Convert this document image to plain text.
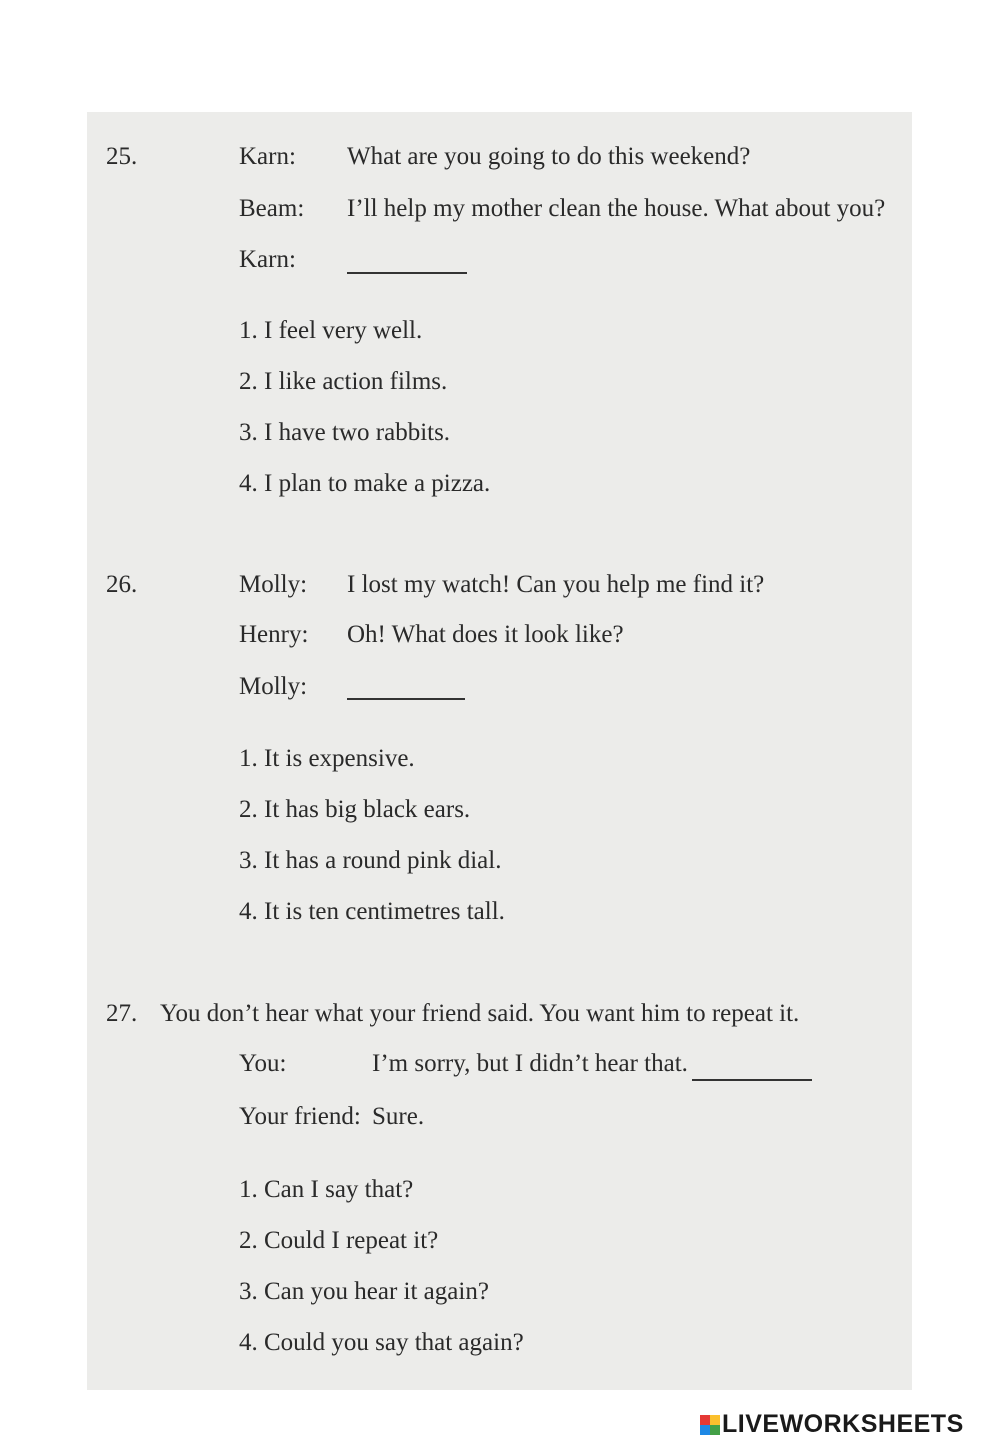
25.	Karn: What are you going to do this weekend?
Beam: I’ll help my mother clean the house. What about you?
Karn:
1. I feel very well.
2. I like action films.
3. I have two rabbits.
4. I plan to make a pizza.
26.	Molly: I lost my watch! Can you help me find it?
Henry: Oh! What does it look like?
Molly:
1. It is expensive.
2. It has big black ears.
3. It has a round pink dial.
4. It is ten centimetres tall.
27. You don’t hear what your friend said. You want him to repeat it.
You:	I’m sorry, but I didn’t hear that.
Your friend: Sure.
1. Can I say that?
2. Could I repeat it?
3. Can you hear it again?
4. Could you say that again?
LIVEWORKSHEETS
